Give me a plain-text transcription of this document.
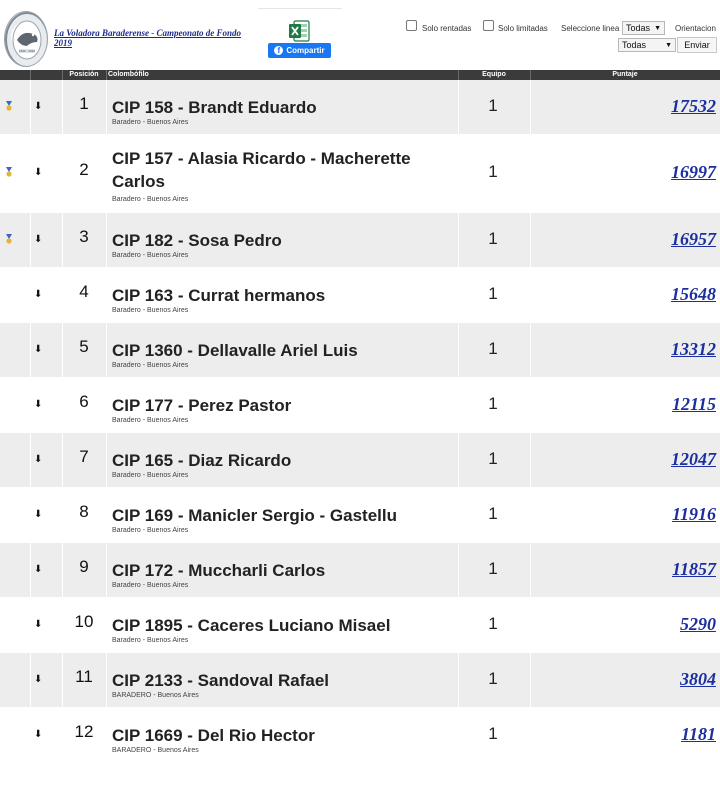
1940 - 2010
La Voladora Baraderense - Campeonato de Fondo 2019
f Compartir
Solo rentadas	Solo limitadas Seleccione linea Todas ▼ Orientacion
Todas	▼	Enviar
Posición	Colombófilo	Equipo	Puntaje
⬇	1	CIP 158 - Brandt Eduardo
Baradero - Buenos Aires
1	17532
⬇	2
CIP 157 - Alasia Ricardo - Macherette Carlos
Baradero - Buenos Aires
1	16997
⬇	3	CIP 182 - Sosa Pedro
Baradero - Buenos Aires
1	16957
⬇	4	CIP 163 - Currat hermanos
Baradero - Buenos Aires
1	15648
⬇	5	CIP 1360 - Dellavalle Ariel Luis
Baradero - Buenos Aires
1	13312
⬇	6	CIP 177 - Perez Pastor
Baradero - Buenos Aires
1	12115
⬇	7	CIP 165 - Diaz Ricardo
Baradero - Buenos Aires
1	12047
⬇	8	CIP 169 - Manicler Sergio - Gastellu
Baradero - Buenos Aires
1	11916
⬇	9	CIP 172 - Muccharli Carlos
Baradero - Buenos Aires
1	11857
⬇	10	CIP 1895 - Caceres Luciano Misael
Baradero - Buenos Aires
1	5290
⬇	11	CIP 2133 - Sandoval Rafael
BARADERO - Buenos Aires
1	3804
⬇	12	CIP 1669 - Del Rio Hector
BARADERO - Buenos Aires
1	1181
